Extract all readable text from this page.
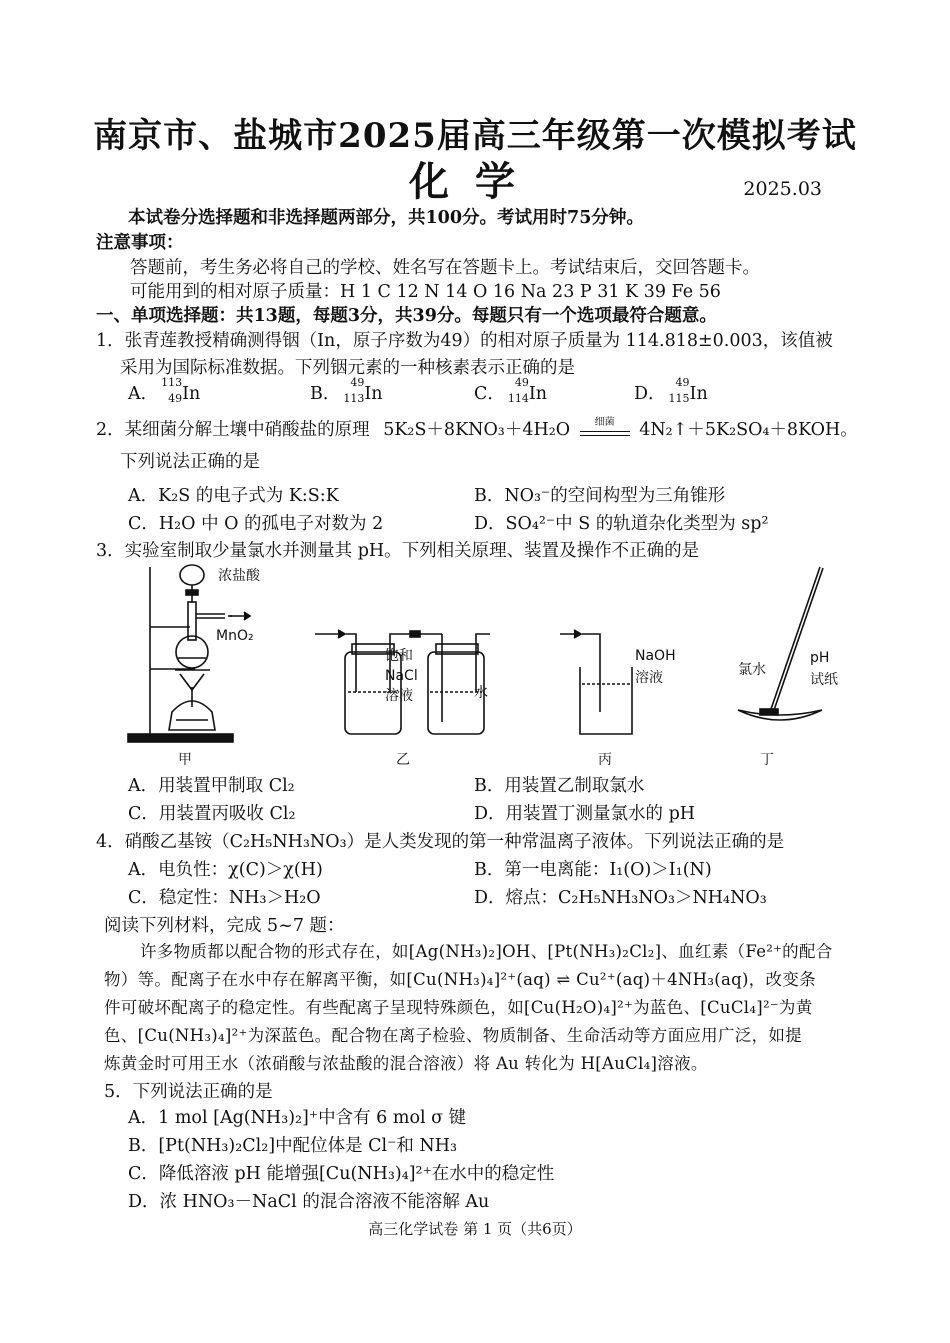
南京市、盐城市2025届高三年级第一次模拟考试
化学	2025.03
本试卷分选择题和非选择题两部分，共100分。考试用时75分钟。
注意事项：
答题前，考生务必将自己的学校、姓名写在答题卡上。考试结束后，交回答题卡。
可能用到的相对原子质量：H 1 C 12 N 14 O 16 Na 23 P 31 K 39 Fe 56
一、单项选择题：共13题，每题3分，共39分。每题只有一个选项最符合题意。
1．张青莲教授精确测得铟（In，原子序数为49）的相对原子质量为 114.818±0.003，该值被
采用为国际标准数据。下列铟元素的一种核素表示正确的是
A．
113
49 In	B．
49
113 In	C．
49
114 In	D．
49
115 In
2．某细菌分解土壤中硝酸盐的原理 5K₂S＋8KNO₃＋4H₂O	细菌	4N₂↑＋5K₂SO₄＋8KOH。
下列说法正确的是
A．K₂S 的电子式为 K:S:K	B．NO₃⁻的空间构型为三角锥形
C．H₂O 中 O 的孤电子对数为 2	D．SO₄²⁻中 S 的轨道杂化类型为 sp²
3．实验室制取少量氯水并测量其 pH。下列相关原理、装置及操作不正确的是
浓盐酸
MnO₂
饱和
NaCl
溶液	水
NaOH
溶液	氯水
pH
试纸
甲	乙	丙	丁
A．用装置甲制取 Cl₂	B．用装置乙制取氯水
C．用装置丙吸收 Cl₂	D．用装置丁测量氯水的 pH
4．硝酸乙基铵（C₂H₅NH₃NO₃）是人类发现的第一种常温离子液体。下列说法正确的是
A．电负性：χ(C)＞χ(H)	B．第一电离能：I₁(O)＞I₁(N)
C．稳定性：NH₃＞H₂O	D．熔点：C₂H₅NH₃NO₃＞NH₄NO₃
阅读下列材料，完成 5~7 题：
许多物质都以配合物的形式存在，如[Ag(NH₃)₂]OH、[Pt(NH₃)₂Cl₂]、血红素（Fe²⁺的配合
物）等。配离子在水中存在解离平衡，如[Cu(NH₃)₄]²⁺(aq) ⇌ Cu²⁺(aq)＋4NH₃(aq)，改变条
件可破坏配离子的稳定性。有些配离子呈现特殊颜色，如[Cu(H₂O)₄]²⁺为蓝色、[CuCl₄]²⁻为黄
色、[Cu(NH₃)₄]²⁺为深蓝色。配合物在离子检验、物质制备、生命活动等方面应用广泛，如提
炼黄金时可用王水（浓硝酸与浓盐酸的混合溶液）将 Au 转化为 H[AuCl₄]溶液。
5．下列说法正确的是
A．1 mol [Ag(NH₃)₂]⁺中含有 6 mol σ 键
B．[Pt(NH₃)₂Cl₂]中配位体是 Cl⁻和 NH₃
C．降低溶液 pH 能增强[Cu(NH₃)₄]²⁺在水中的稳定性
D．浓 HNO₃－NaCl 的混合溶液不能溶解 Au
高三化学试卷 第 1 页（共6页）
